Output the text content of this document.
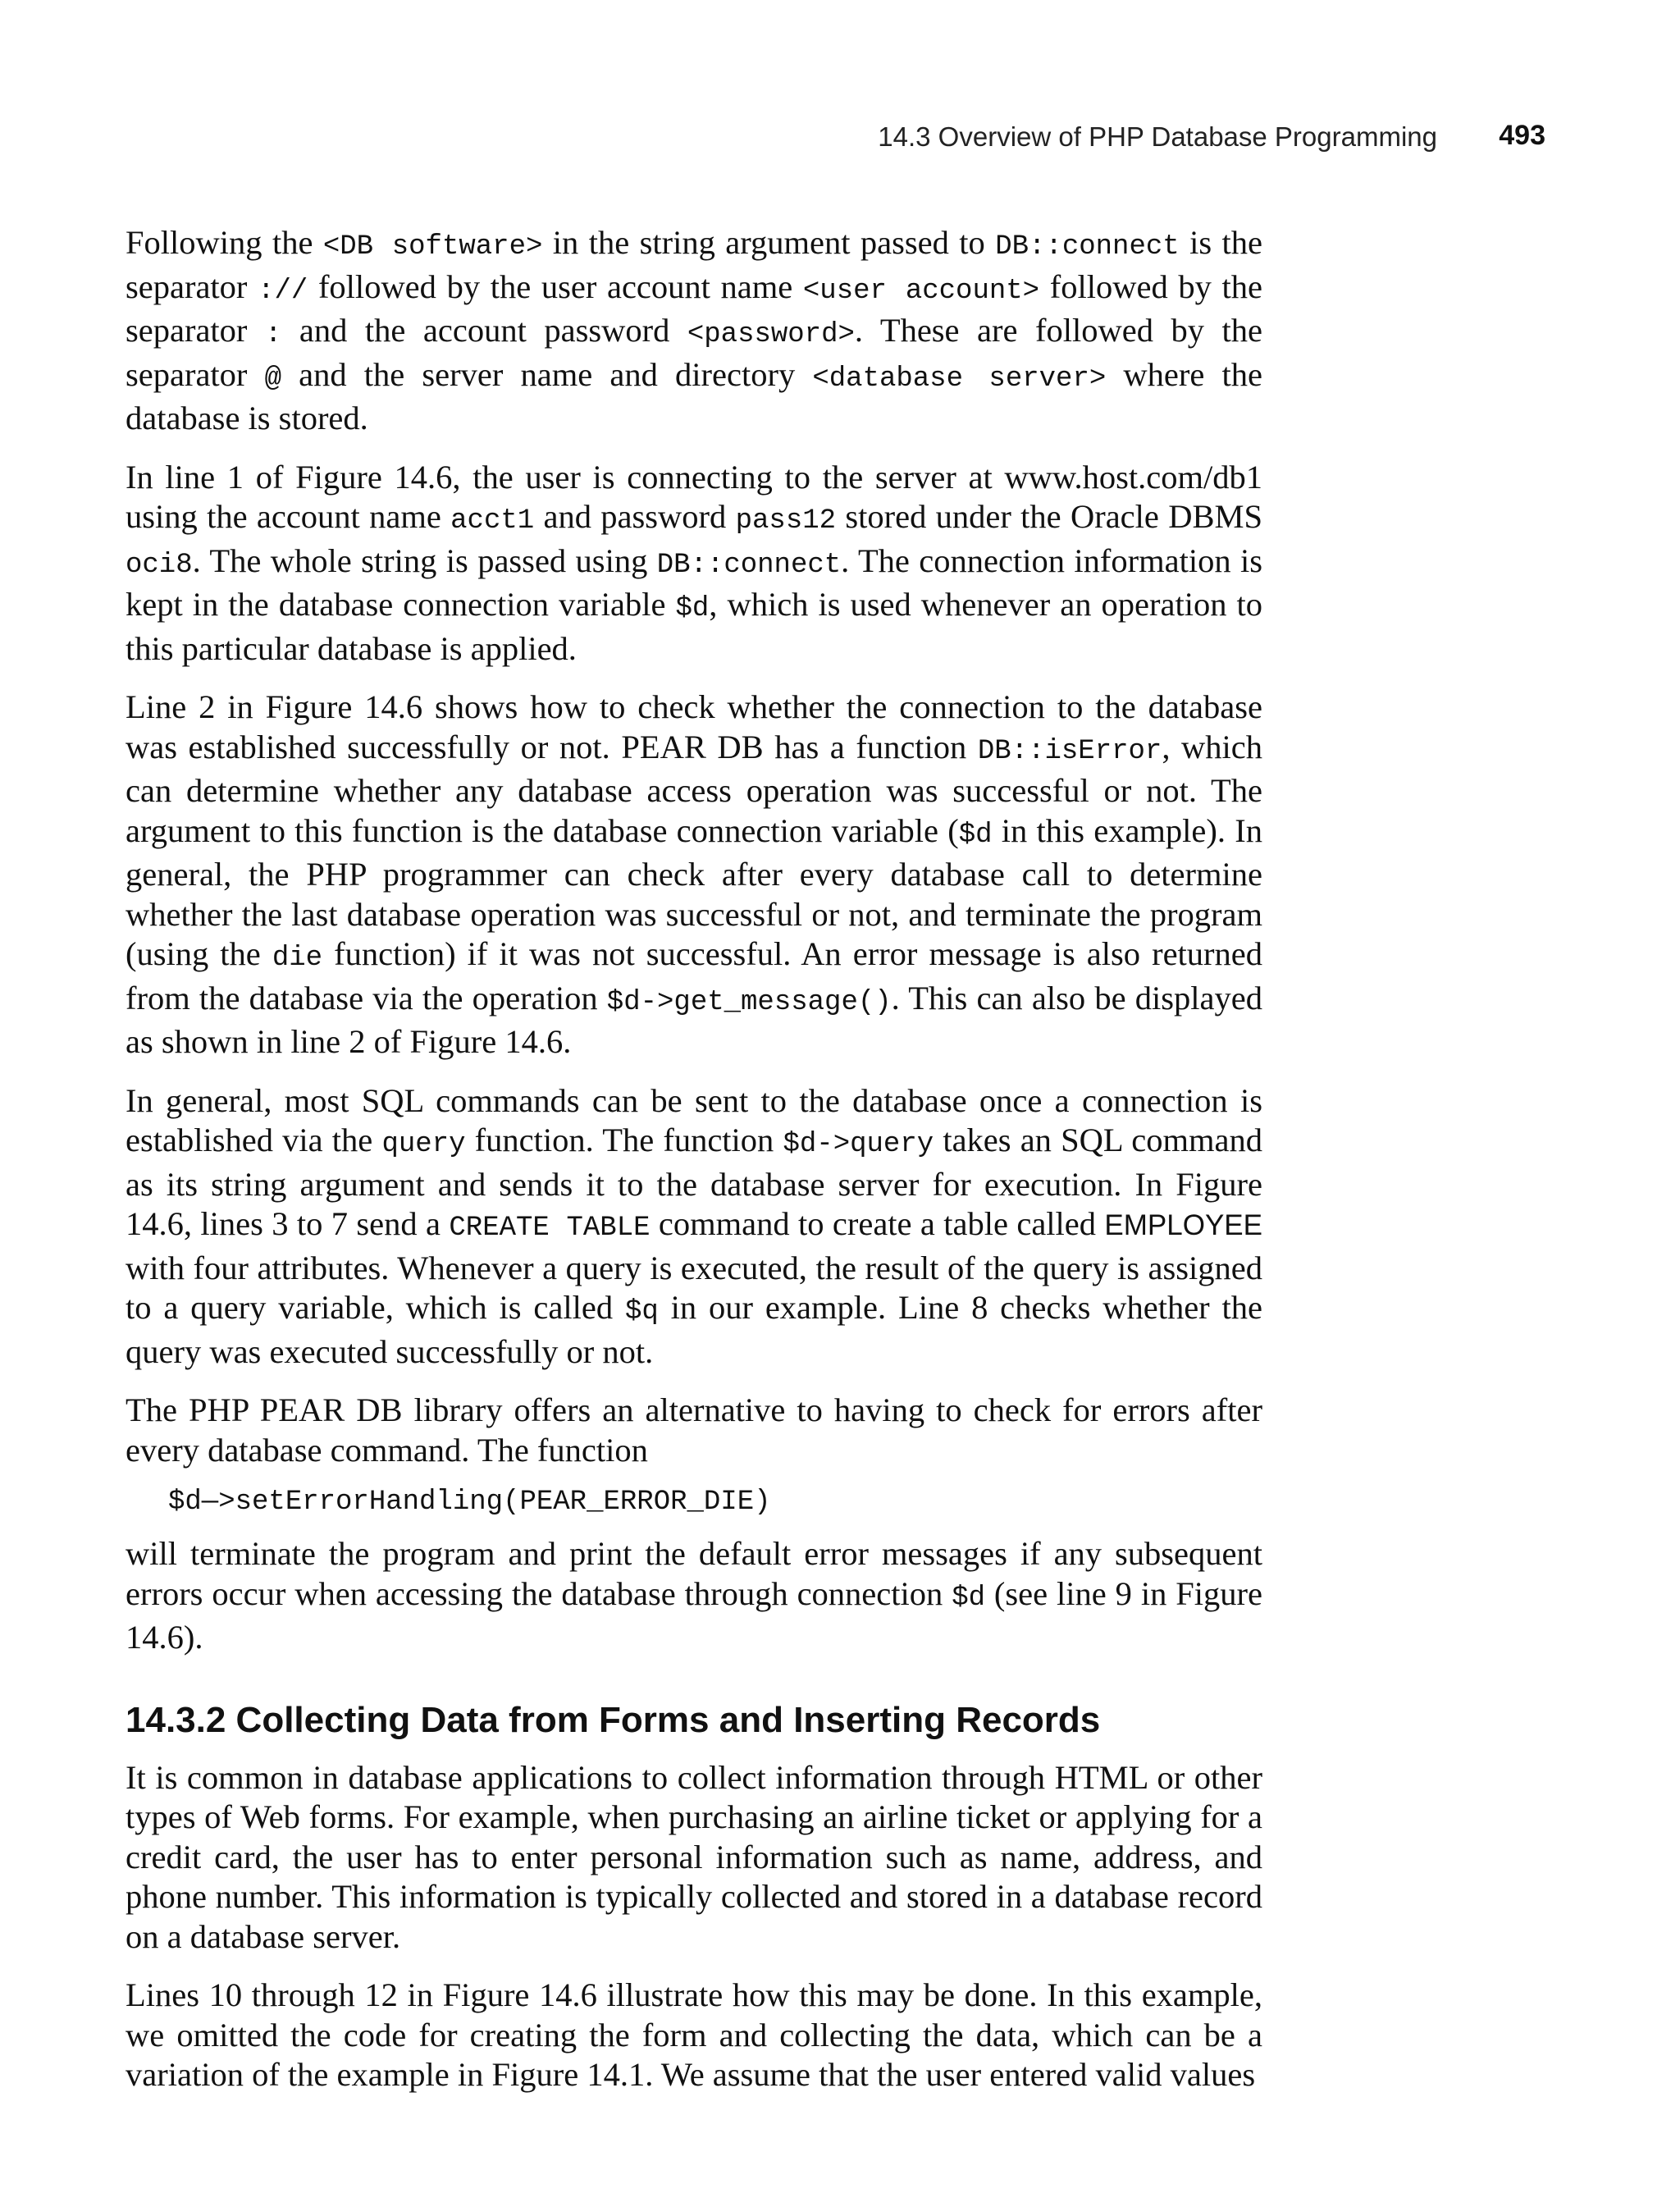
14.3 Overview of PHP Database Programming 493

Following the <DB software> in the string argument passed to DB::connect is the separator :// followed by the user account name <user account> followed by the separator : and the account password <password>. These are followed by the separator @ and the server name and directory <database server> where the database is stored.

In line 1 of Figure 14.6, the user is connecting to the server at www.host.com/db1 using the account name acct1 and password pass12 stored under the Oracle DBMS oci8. The whole string is passed using DB::connect. The connection information is kept in the database connection variable $d, which is used whenever an operation to this particular database is applied.

Line 2 in Figure 14.6 shows how to check whether the connection to the database was established successfully or not. PEAR DB has a function DB::isError, which can determine whether any database access operation was successful or not. The argument to this function is the database connection variable ($d in this example). In general, the PHP programmer can check after every database call to determine whether the last database operation was successful or not, and terminate the program (using the die function) if it was not successful. An error message is also returned from the database via the operation $d->get_message(). This can also be displayed as shown in line 2 of Figure 14.6.

In general, most SQL commands can be sent to the database once a connection is established via the query function. The function $d->query takes an SQL command as its string argument and sends it to the database server for execution. In Figure 14.6, lines 3 to 7 send a CREATE TABLE command to create a table called EMPLOYEE with four attributes. Whenever a query is executed, the result of the query is assigned to a query variable, which is called $q in our example. Line 8 checks whether the query was executed successfully or not.

The PHP PEAR DB library offers an alternative to having to check for errors after every database command. The function

$d—>setErrorHandling(PEAR_ERROR_DIE)

will terminate the program and print the default error messages if any subsequent errors occur when accessing the database through connection $d (see line 9 in Figure 14.6).

14.3.2 Collecting Data from Forms and Inserting Records

It is common in database applications to collect information through HTML or other types of Web forms. For example, when purchasing an airline ticket or applying for a credit card, the user has to enter personal information such as name, address, and phone number. This information is typically collected and stored in a database record on a database server.

Lines 10 through 12 in Figure 14.6 illustrate how this may be done. In this example, we omitted the code for creating the form and collecting the data, which can be a variation of the example in Figure 14.1. We assume that the user entered valid values
